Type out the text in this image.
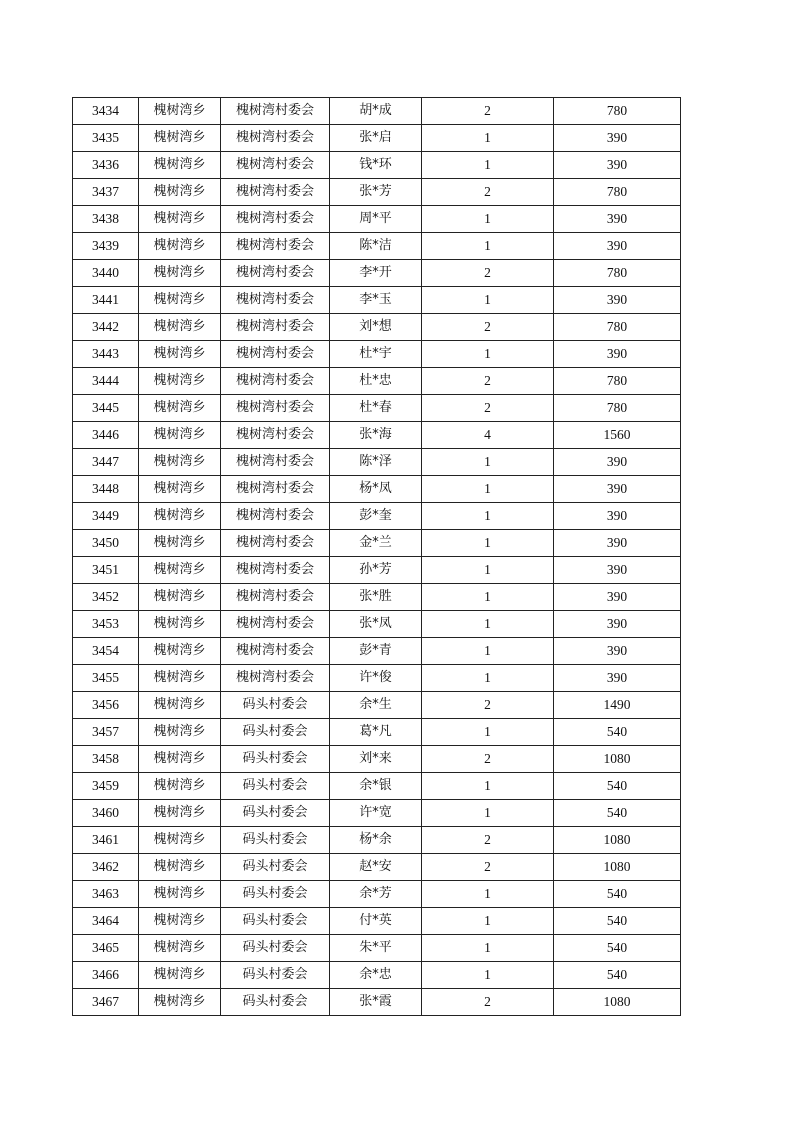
3434	槐树湾乡	槐树湾村委会	胡*成	2	780
3435	槐树湾乡	槐树湾村委会	张*启	1	390
3436	槐树湾乡	槐树湾村委会	钱*环	1	390
3437	槐树湾乡	槐树湾村委会	张*芳	2	780
3438	槐树湾乡	槐树湾村委会	周*平	1	390
3439	槐树湾乡	槐树湾村委会	陈*洁	1	390
3440	槐树湾乡	槐树湾村委会	李*开	2	780
3441	槐树湾乡	槐树湾村委会	李*玉	1	390
3442	槐树湾乡	槐树湾村委会	刘*想	2	780
3443	槐树湾乡	槐树湾村委会	杜*宇	1	390
3444	槐树湾乡	槐树湾村委会	杜*忠	2	780
3445	槐树湾乡	槐树湾村委会	杜*春	2	780
3446	槐树湾乡	槐树湾村委会	张*海	4	1560
3447	槐树湾乡	槐树湾村委会	陈*泽	1	390
3448	槐树湾乡	槐树湾村委会	杨*凤	1	390
3449	槐树湾乡	槐树湾村委会	彭*奎	1	390
3450	槐树湾乡	槐树湾村委会	金*兰	1	390
3451	槐树湾乡	槐树湾村委会	孙*芳	1	390
3452	槐树湾乡	槐树湾村委会	张*胜	1	390
3453	槐树湾乡	槐树湾村委会	张*凤	1	390
3454	槐树湾乡	槐树湾村委会	彭*青	1	390
3455	槐树湾乡	槐树湾村委会	许*俊	1	390
3456	槐树湾乡	码头村委会	余*生	2	1490
3457	槐树湾乡	码头村委会	葛*凡	1	540
3458	槐树湾乡	码头村委会	刘*来	2	1080
3459	槐树湾乡	码头村委会	余*银	1	540
3460	槐树湾乡	码头村委会	许*宽	1	540
3461	槐树湾乡	码头村委会	杨*余	2	1080
3462	槐树湾乡	码头村委会	赵*安	2	1080
3463	槐树湾乡	码头村委会	余*芳	1	540
3464	槐树湾乡	码头村委会	付*英	1	540
3465	槐树湾乡	码头村委会	朱*平	1	540
3466	槐树湾乡	码头村委会	余*忠	1	540
3467	槐树湾乡	码头村委会	张*霞	2	1080
